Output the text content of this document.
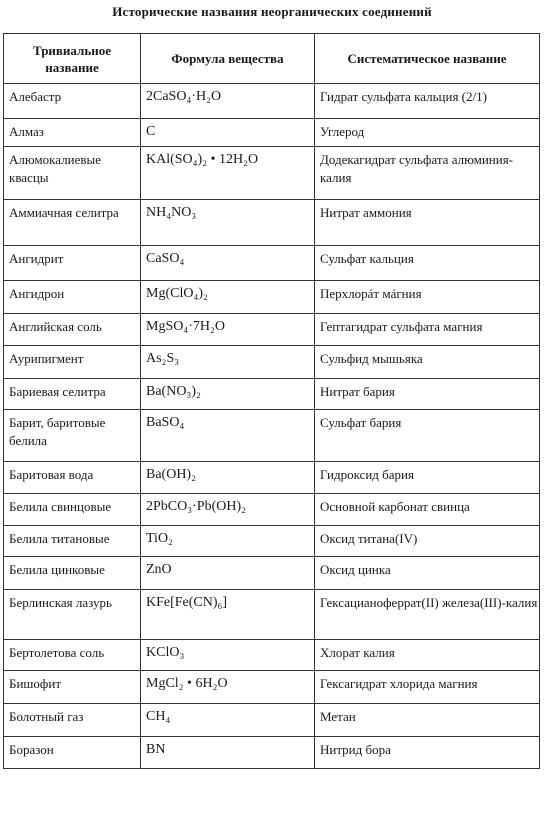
Исторические названия неорганических соединений
Тривиальное название	Формула вещества	Систематическое название
Алебастр	2CaSO₄·H₂O	Гидрат сульфата кальция (2/1)
Алмаз	C	Углерод
Алюмокалиевые квасцы	KAl(SO₄)₂ • 12H₂O	Додекагидрат сульфата алюминия-калия
Аммиачная селитра	NH₄NO₃	Нитрат аммония
Ангидрит	CaSO₄	Сульфат кальция
Ангидрон	Mg(ClO₄)₂	Перхлорáт мáгния
Английская соль	MgSO₄·7H₂O	Гептагидрат сульфата магния
Аурипигмент	As₂S₃	Сульфид мышьяка
Бариевая селитра	Ba(NO₃)₂	Нитрат бария
Барит, баритовые белила	BaSO₄	Сульфат бария
Баритовая вода	Ba(OH)₂	Гидроксид бария
Белила свинцовые	2PbCO₃·Pb(OH)₂	Основной карбонат свинца
Белила титановые	TiO₂	Оксид титана(IV)
Белила цинковые	ZnO	Оксид цинка
Берлинская лазурь	KFe[Fe(CN)₆]	Гексацианоферрат(II) железа(III)-калия
Бертолетова соль	KClO₃	Хлорат калия
Бишофит	MgCl₂ • 6H₂O	Гексагидрат хлорида магния
Болотный газ	CH₄	Метан
Боразон	BN	Нитрид бора
